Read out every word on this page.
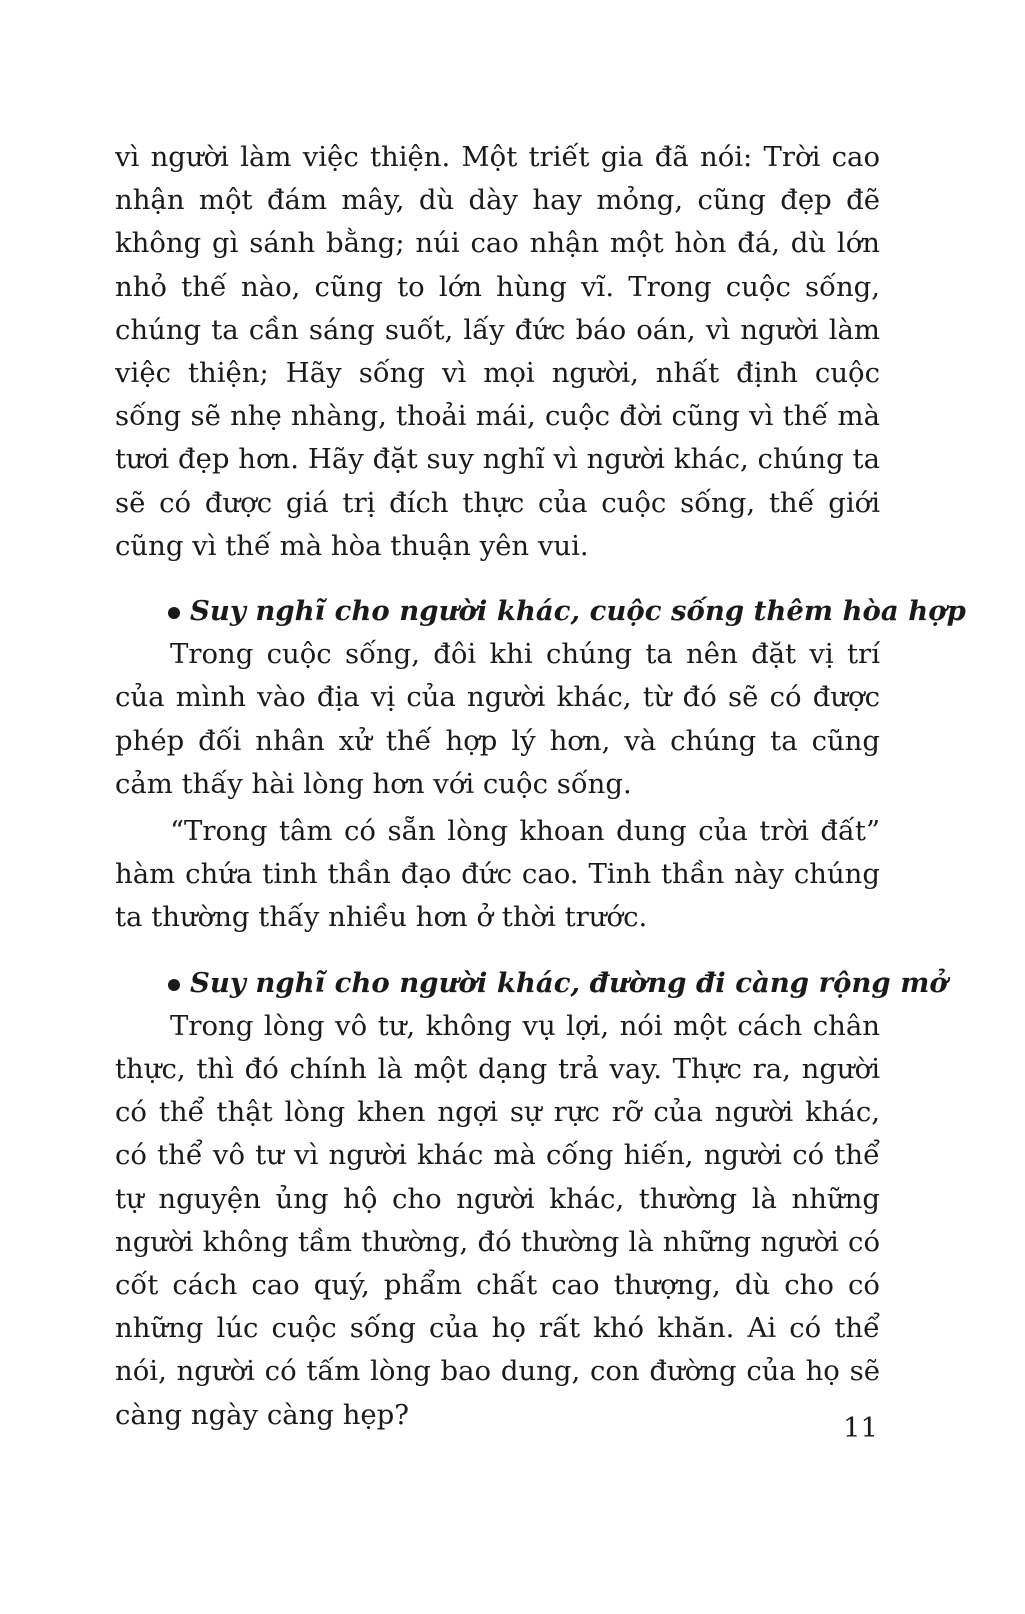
vì người làm việc thiện. Một triết gia đã nói: Trời cao nhận một đám mây, dù dày hay mỏng, cũng đẹp đẽ không gì sánh bằng; núi cao nhận một hòn đá, dù lớn nhỏ thế nào, cũng to lớn hùng vĩ. Trong cuộc sống, chúng ta cần sáng suốt, lấy đức báo oán, vì người làm việc thiện; Hãy sống vì mọi người, nhất định cuộc sống sẽ nhẹ nhàng, thoải mái, cuộc đời cũng vì thế mà tươi đẹp hơn. Hãy đặt suy nghĩ vì người khác, chúng ta sẽ có được giá trị đích thực của cuộc sống, thế giới cũng vì thế mà hòa thuận yên vui.

Suy nghĩ cho người khác, cuộc sống thêm hòa hợp

Trong cuộc sống, đôi khi chúng ta nên đặt vị trí của mình vào địa vị của người khác, từ đó sẽ có được phép đối nhân xử thế hợp lý hơn, và chúng ta cũng cảm thấy hài lòng hơn với cuộc sống.

“Trong tâm có sẵn lòng khoan dung của trời đất” hàm chứa tinh thần đạo đức cao. Tinh thần này chúng ta thường thấy nhiều hơn ở thời trước.

Suy nghĩ cho người khác, đường đi càng rộng mở

Trong lòng vô tư, không vụ lợi, nói một cách chân thực, thì đó chính là một dạng trả vay. Thực ra, người có thể thật lòng khen ngợi sự rực rỡ của người khác, có thể vô tư vì người khác mà cống hiến, người có thể tự nguyện ủng hộ cho người khác, thường là những người không tầm thường, đó thường là những người có cốt cách cao quý, phẩm chất cao thượng, dù cho có những lúc cuộc sống của họ rất khó khăn. Ai có thể nói, người có tấm lòng bao dung, con đường của họ sẽ càng ngày càng hẹp?	11
